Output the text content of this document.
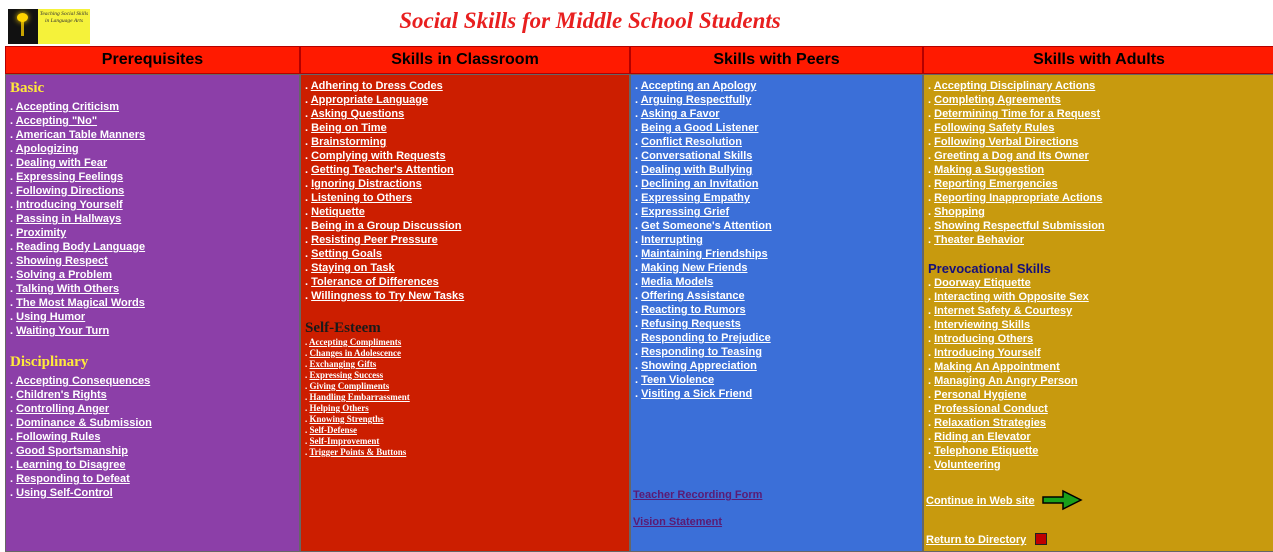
Teaching Social Skills in Language Arts	Social Skills for Middle School Students
Prerequisites	Skills in Classroom	Skills with Peers	Skills with Adults
Basic
. Accepting Criticism
. Accepting "No"
. American Table Manners
. Apologizing
. Dealing with Fear
. Expressing Feelings
. Following Directions
. Introducing Yourself
. Passing in Hallways
. Proximity
. Reading Body Language
. Showing Respect
. Solving a Problem
. Talking With Others
. The Most Magical Words
. Using Humor
. Waiting Your Turn
Disciplinary
. Accepting Consequences
. Children's Rights
. Controlling Anger
. Dominance & Submission
. Following Rules
. Good Sportsmanship
. Learning to Disagree
. Responding to Defeat
. Using Self-Control
. Adhering to Dress Codes
. Appropriate Language
. Asking Questions
. Being on Time
. Brainstorming
. Complying with Requests
. Getting Teacher's Attention
. Ignoring Distractions
. Listening to Others
. Netiquette
. Being in a Group Discussion
. Resisting Peer Pressure
. Setting Goals
. Staying on Task
. Tolerance of Differences
. Willingness to Try New Tasks
Self-Esteem
. Accepting Compliments
. Changes in Adolescence
. Exchanging Gifts
. Expressing Success
. Giving Compliments
. Handling Embarrassment
. Helping Others
. Knowing Strengths
. Self-Defense
. Self-Improvement
. Trigger Points & Buttons
. Accepting an Apology
. Arguing Respectfully
. Asking a Favor
. Being a Good Listener
. Conflict Resolution
. Conversational Skills
. Dealing with Bullying
. Declining an Invitation
. Expressing Empathy
. Expressing Grief
. Get Someone's Attention
. Interrupting
. Maintaining Friendships
. Making New Friends
. Media Models
. Offering Assistance
. Reacting to Rumors
. Refusing Requests
. Responding to Prejudice
. Responding to Teasing
. Showing Appreciation
. Teen Violence
. Visiting a Sick Friend
Teacher Recording Form
Vision Statement
. Accepting Disciplinary Actions
. Completing Agreements
. Determining Time for a Request
. Following Safety Rules
. Following Verbal Directions
. Greeting a Dog and Its Owner
. Making a Suggestion
. Reporting Emergencies
. Reporting Inappropriate Actions
. Shopping
. Showing Respectful Submission
. Theater Behavior
Prevocational Skills
. Doorway Etiquette
. Interacting with Opposite Sex
. Internet Safety & Courtesy
. Interviewing Skills
. Introducing Others
. Introducing Yourself
. Making An Appointment
. Managing An Angry Person
. Personal Hygiene
. Professional Conduct
. Relaxation Strategies
. Riding an Elevator
. Telephone Etiquette
. Volunteering
Continue in Web site
Return to Directory
